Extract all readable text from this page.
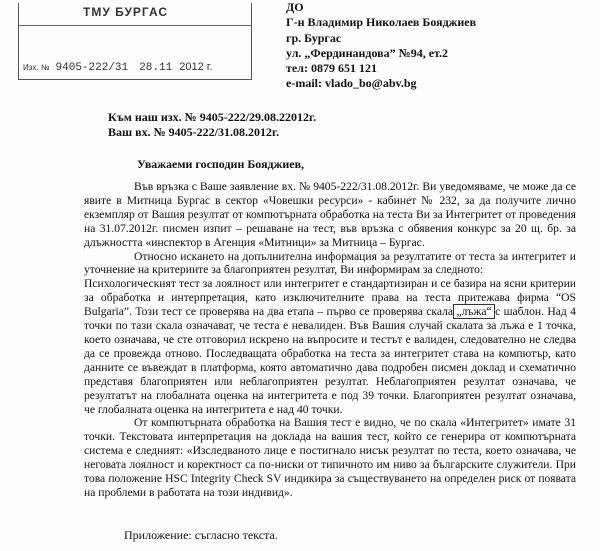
ТМУ БУРГАС
Изх. № 9405-222/31 28.11 2012 г.
ДО
Г-н Владимир Николаев Бояджиев
гр. Бургас
ул. „Фердинандова” №94, ет.2
тел: 0879 651 121
e-mail: vlado_bo@abv.bg
Към наш изх. № 9405-222/29.08.22012г.
Ваш вх. № 9405-222/31.08.2012г.
Уважаеми господин Бояджиев,

Във връзка с Ваше заявление вх. № 9405-222/31.08.2012г. Ви уведомяваме, че може да се явите в Митница Бургас в сектор «Човешки ресурси» - кабинет № 232, за да получите лично екземпляр от Вашия резултат от компютърната обработка на теста Ви за Интегритет от проведения на 31.07.2012г. писмен изпит – решаване на тест, във връзка с обявения конкурс за 20 щ. бр. за длъжността «инспектор в Агенция «Митници» за Митница – Бургас.

Относно искането на допълнителна информация за резултатите от теста за интегритет и уточнение на критериите за благоприятен резултат, Ви информирам за следното:

Психологическият тест за лоялност или интегритет е стандартизиран и се базира на ясни критерии за обработка и интерпретация, като изключителните права на теста притежава фирма “OS Bulgaria”. Този тест се проверява на два етапа – първо се проверява скала „лъжа“ с шаблон. Над 4 точки по тази скала означават, че теста е невалиден. Във Вашия случай скалата за лъжа е 1 точка, което означава, че сте отговорил искрено на въпросите и тестът е валиден, следователно не следва да се провежда отново. Последващата обработка на теста за интегритет става на компютър, като данните се въвеждат в платформа, която автоматично дава подробен писмен доклад и схематично представя благоприятен или неблагоприятен резултат. Неблагоприятен резултат означава, че резултатът на глобалната оценка на интегритета е под 39 точки. Благоприятен резултат означава, че глобалната оценка на интегритета е над 40 точки.

От компютърната обработка на Вашия тест е видно, че по скала «Интегритет» имате 31 точки. Текстовата интерпретация на доклада на вашия тест, който се генерира от компютърната система е следният: «Изследваното лице е постигнало нисък резултат по теста, което означава, че неговата лоялност и коректност са по-ниски от типичното им ниво за българските служители. При това положение HSC Integrity Check SV индикира за съществуването на определен риск от появата на проблеми в работата на този индивид».

Приложение: съгласно текста.
